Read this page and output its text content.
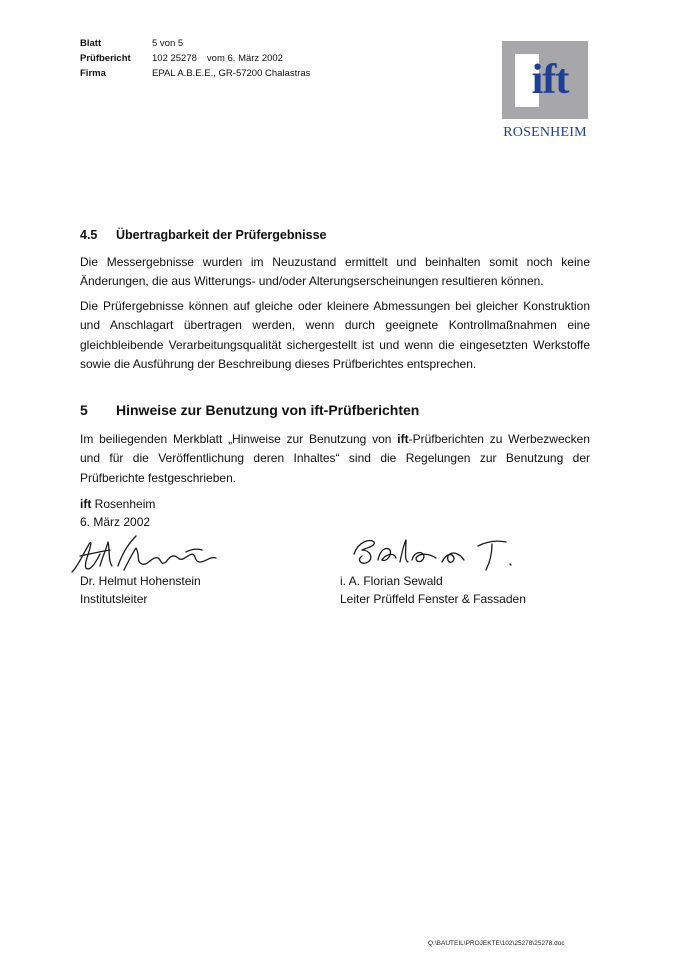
Blatt	5 von 5
Prüfbericht	102 25278 vom 6. März 2002
Firma	EPAL A.B.E.E., GR-57200 Chalastras	ift
ROSENHEIM
4.5	Übertragbarkeit der Prüfergebnisse

Die Messergebnisse wurden im Neuzustand ermittelt und beinhalten somit noch keine Änderungen, die aus Witterungs- und/oder Alterungserscheinungen resultieren können.

Die Prüfergebnisse können auf gleiche oder kleinere Abmessungen bei gleicher Konstruktion und Anschlagart übertragen werden, wenn durch geeignete Kontrollmaßnahmen eine gleichbleibende Verarbeitungsqualität sichergestellt ist und wenn die eingesetzten Werkstoffe sowie die Ausführung der Beschreibung dieses Prüfberichtes entsprechen.

5	Hinweise zur Benutzung von ift-Prüfberichten

Im beiliegenden Merkblatt „Hinweise zur Benutzung von ift-Prüfberichten zu Werbezwecken und für die Veröffentlichung deren Inhaltes“ sind die Regelungen zur Benutzung der Prüfberichte festgeschrieben.

ift Rosenheim
6. März 2002
Dr. Helmut Hohenstein
Institutsleiter
i. A. Florian Sewald
Leiter Prüffeld Fenster & Fassaden
Q:\BAUTEIL\PROJEKTE\102\25278\25278.doc
